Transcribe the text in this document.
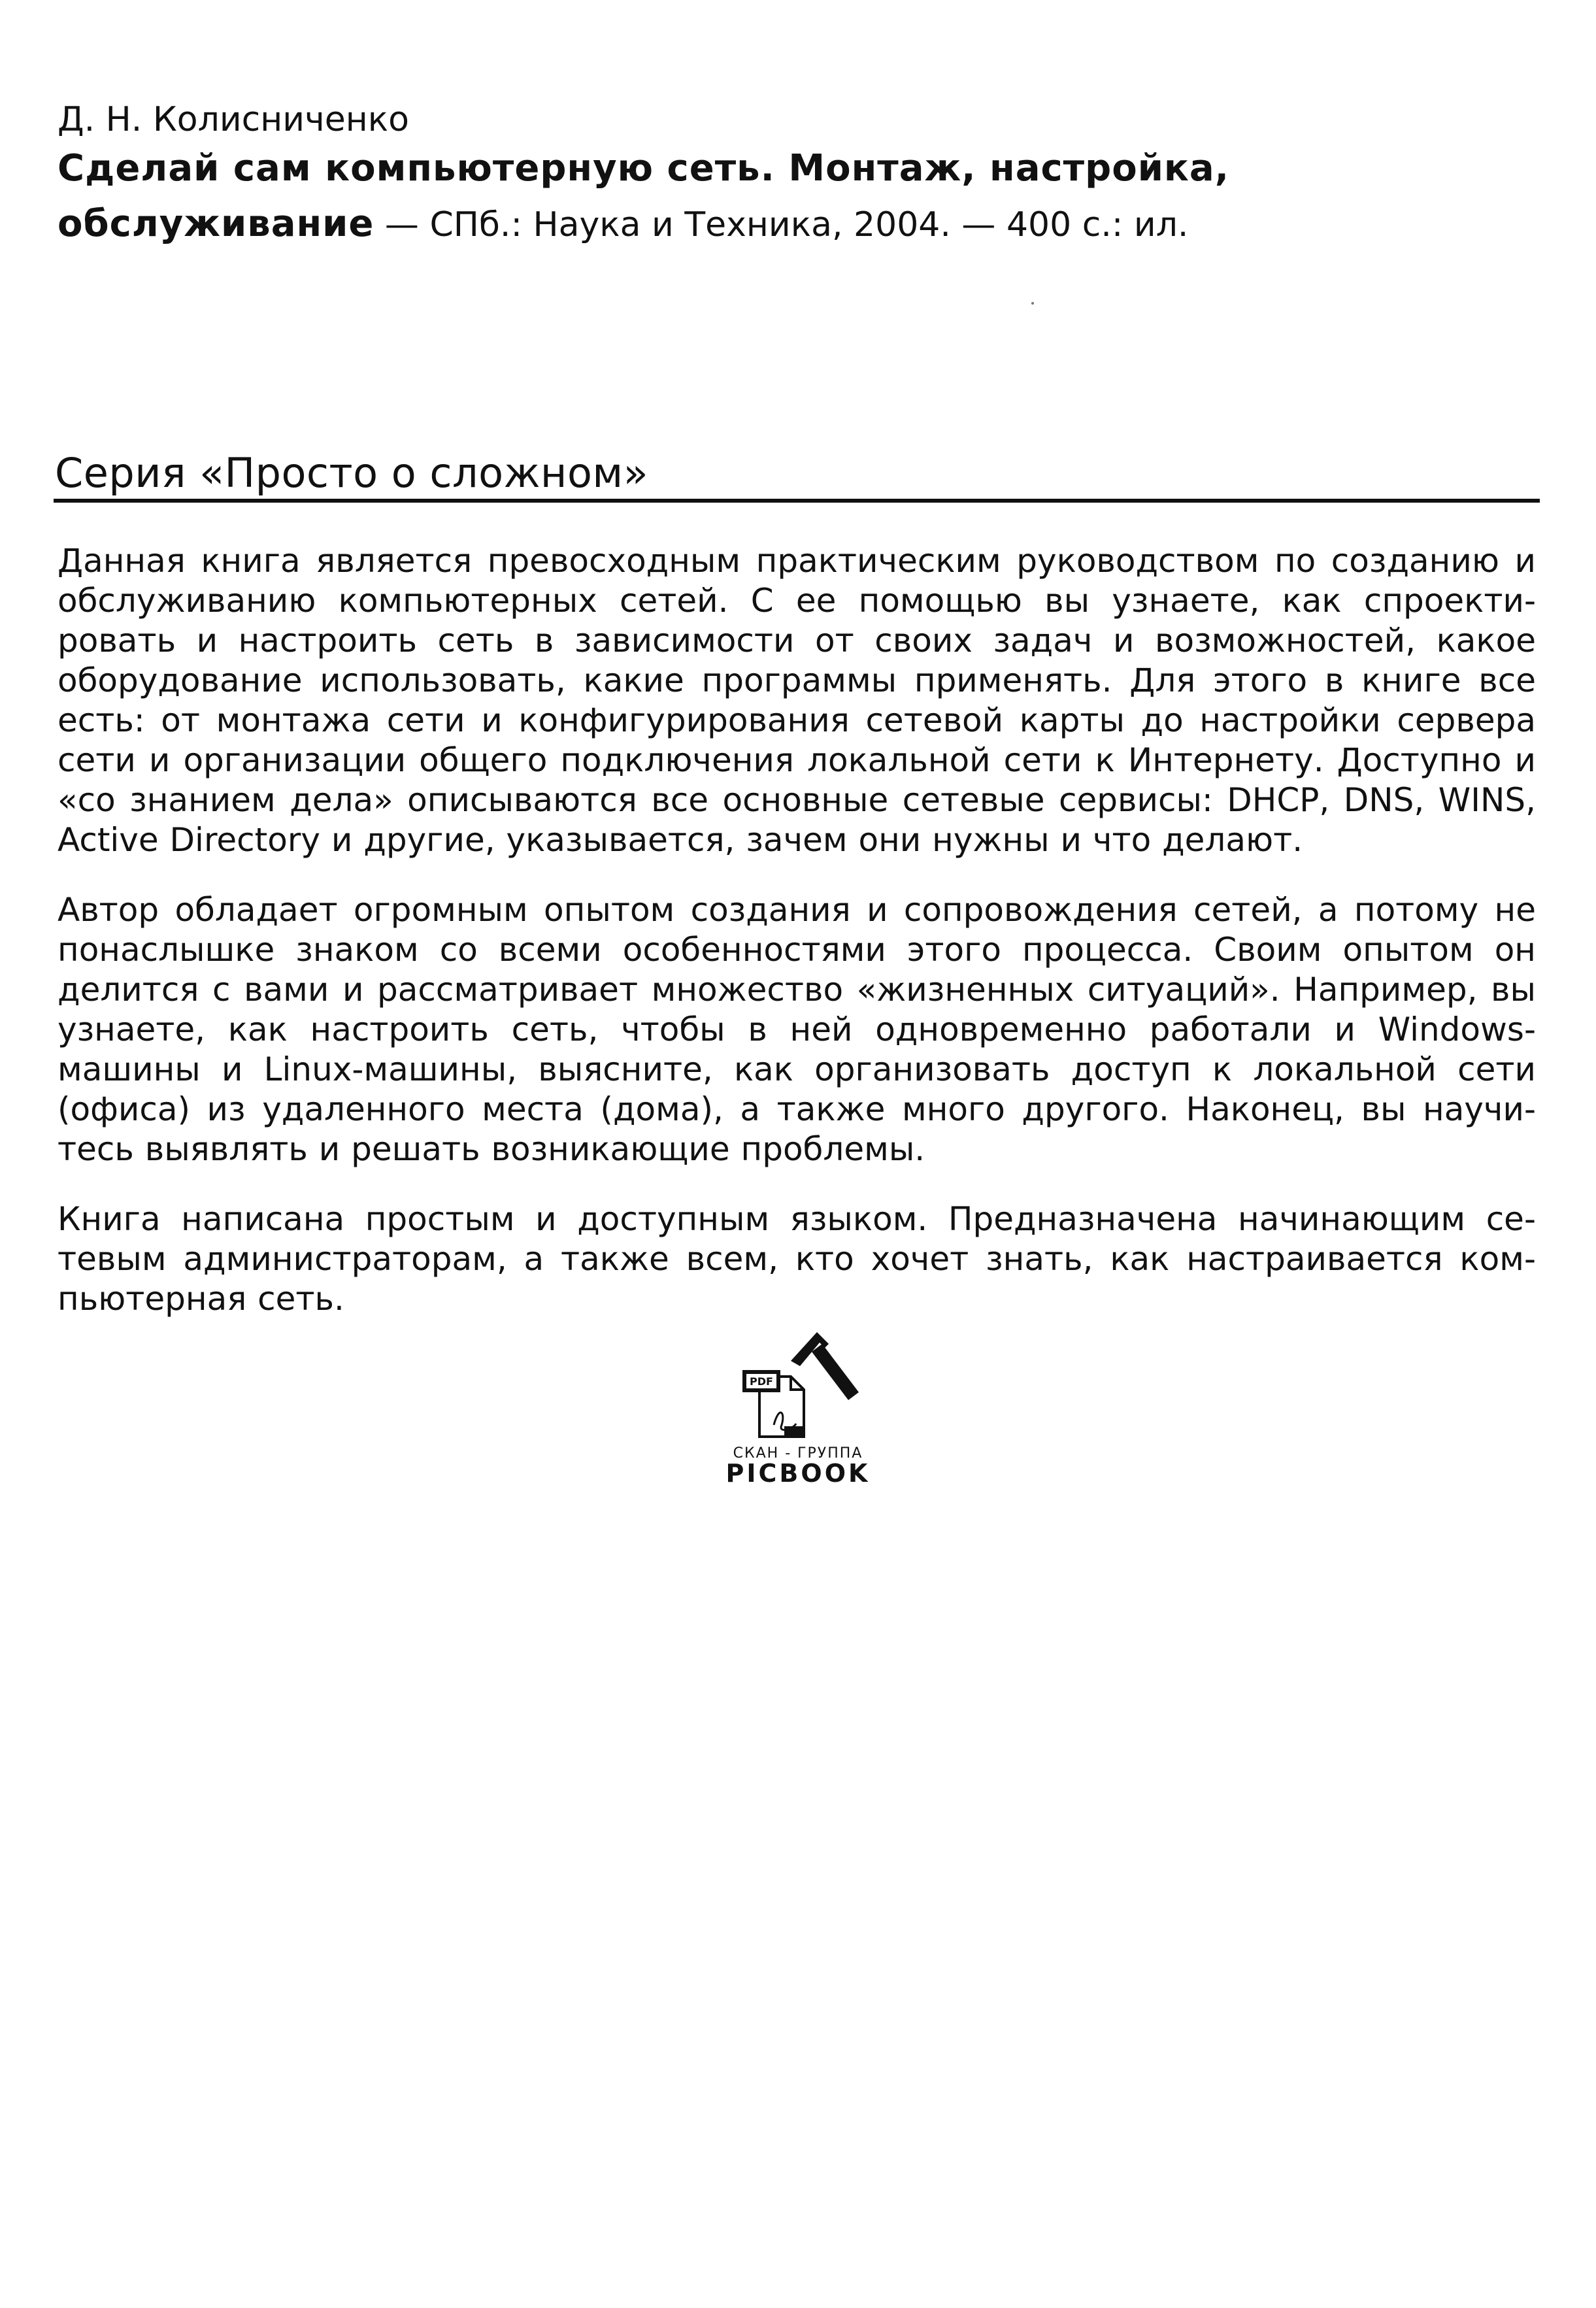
Д. Н. Колисниченко

Сделай сам компьютерную сеть. Монтаж, настройка, обслуживание — СПб.: Наука и Техника, 2004. — 400 с.: ил.

Серия «Просто о сложном»

Данная книга является превосходным практическим руководством по созданию и обслуживанию компьютерных сетей. С ее помощью вы узнаете, как спроектировать и настроить сеть в зависимости от своих задач и возможностей, какое оборудование использовать, какие программы применять. Для этого в книге все есть: от монтажа сети и конфигурирования сетевой карты до настройки сервера сети и организации общего подключения локальной сети к Интернету. Доступно и «со знанием дела» описываются все основные сетевые сервисы: DHCP, DNS, WINS, Active Directory и другие, указывается, зачем они нужны и что делают.

Автор обладает огромным опытом создания и сопровождения сетей, а потому не понаслышке знаком со всеми особенностями этого процесса. Своим опытом он делится с вами и рассматривает множество «жизненных ситуаций». Например, вы узнаете, как настроить сеть, чтобы в ней одновременно работали и Windows-машины и Linux-машины, выясните, как организовать доступ к локальной сети (офиса) из удаленного места (дома), а также много другого. Наконец, вы научитесь выявлять и решать возникающие проблемы.

Книга написана простым и доступным языком. Предназначена начинающим сетевым администраторам, а также всем, кто хочет знать, как настраивается компьютерная сеть.

PDF
СКАН - ГРУППА
PICBOOK
